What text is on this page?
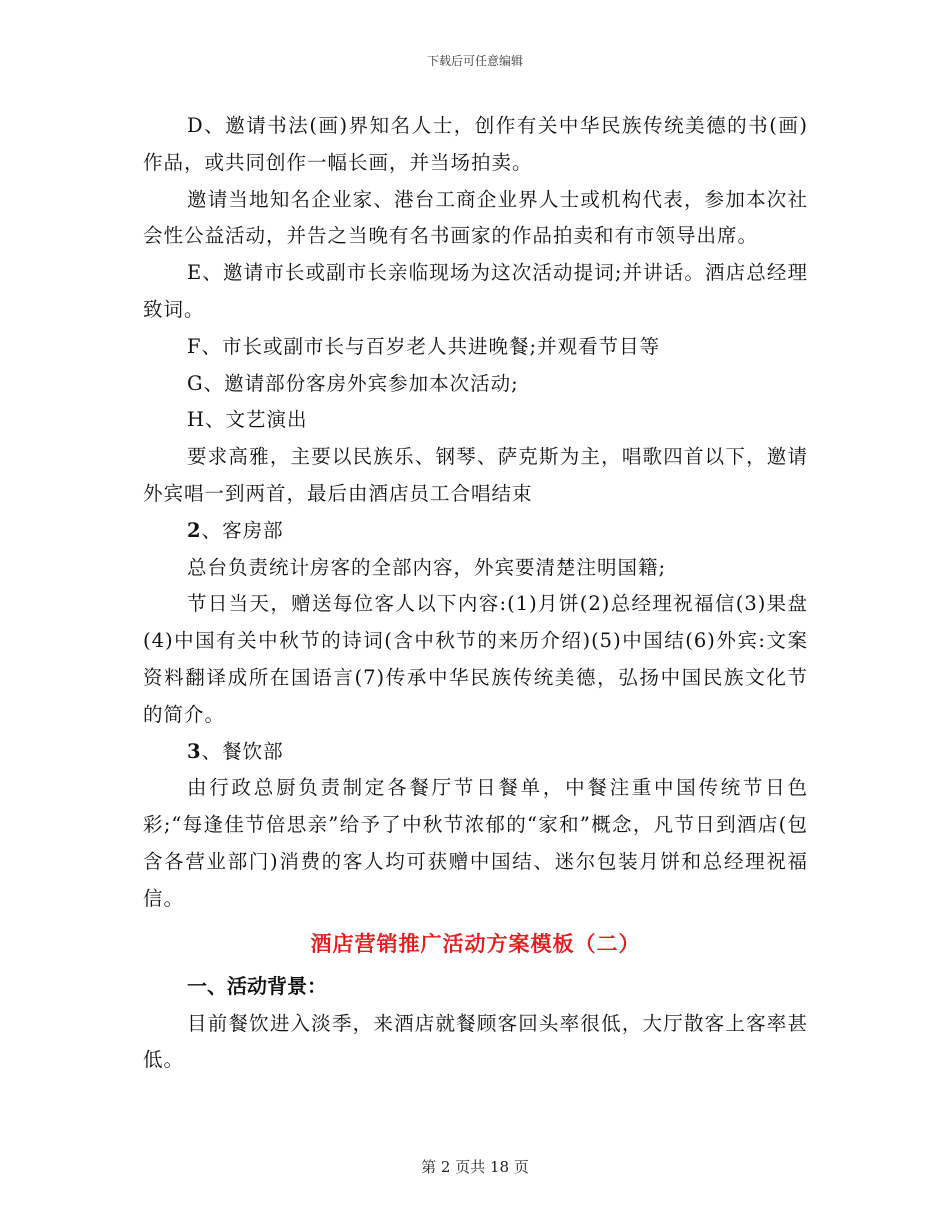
下载后可任意编辑

D、邀请书法(画)界知名人士，创作有关中华民族传统美德的书(画)作品，或共同创作一幅长画，并当场拍卖。

邀请当地知名企业家、港台工商企业界人士或机构代表，参加本次社会性公益活动，并告之当晚有名书画家的作品拍卖和有市领导出席。

E、邀请市长或副市长亲临现场为这次活动提词;并讲话。酒店总经理致词。

F、市长或副市长与百岁老人共进晚餐;并观看节目等

G、邀请部份客房外宾参加本次活动;

H、文艺演出

要求高雅，主要以民族乐、钢琴、萨克斯为主，唱歌四首以下，邀请外宾唱一到两首，最后由酒店员工合唱结束

2、客房部

总台负责统计房客的全部内容，外宾要清楚注明国籍;

节日当天，赠送每位客人以下内容:(1)月饼(2)总经理祝福信(3)果盘(4)中国有关中秋节的诗词(含中秋节的来历介绍)(5)中国结(6)外宾:文案资料翻译成所在国语言(7)传承中华民族传统美德，弘扬中国民族文化节的简介。

3、餐饮部

由行政总厨负责制定各餐厅节日餐单，中餐注重中国传统节日色彩;“每逢佳节倍思亲”给予了中秋节浓郁的“家和”概念，凡节日到酒店(包含各营业部门)消费的客人均可获赠中国结、迷尔包装月饼和总经理祝福信。

酒店营销推广活动方案模板（二）

一、活动背景：

目前餐饮进入淡季，来酒店就餐顾客回头率很低，大厅散客上客率甚低。

第 2 页共 18 页
